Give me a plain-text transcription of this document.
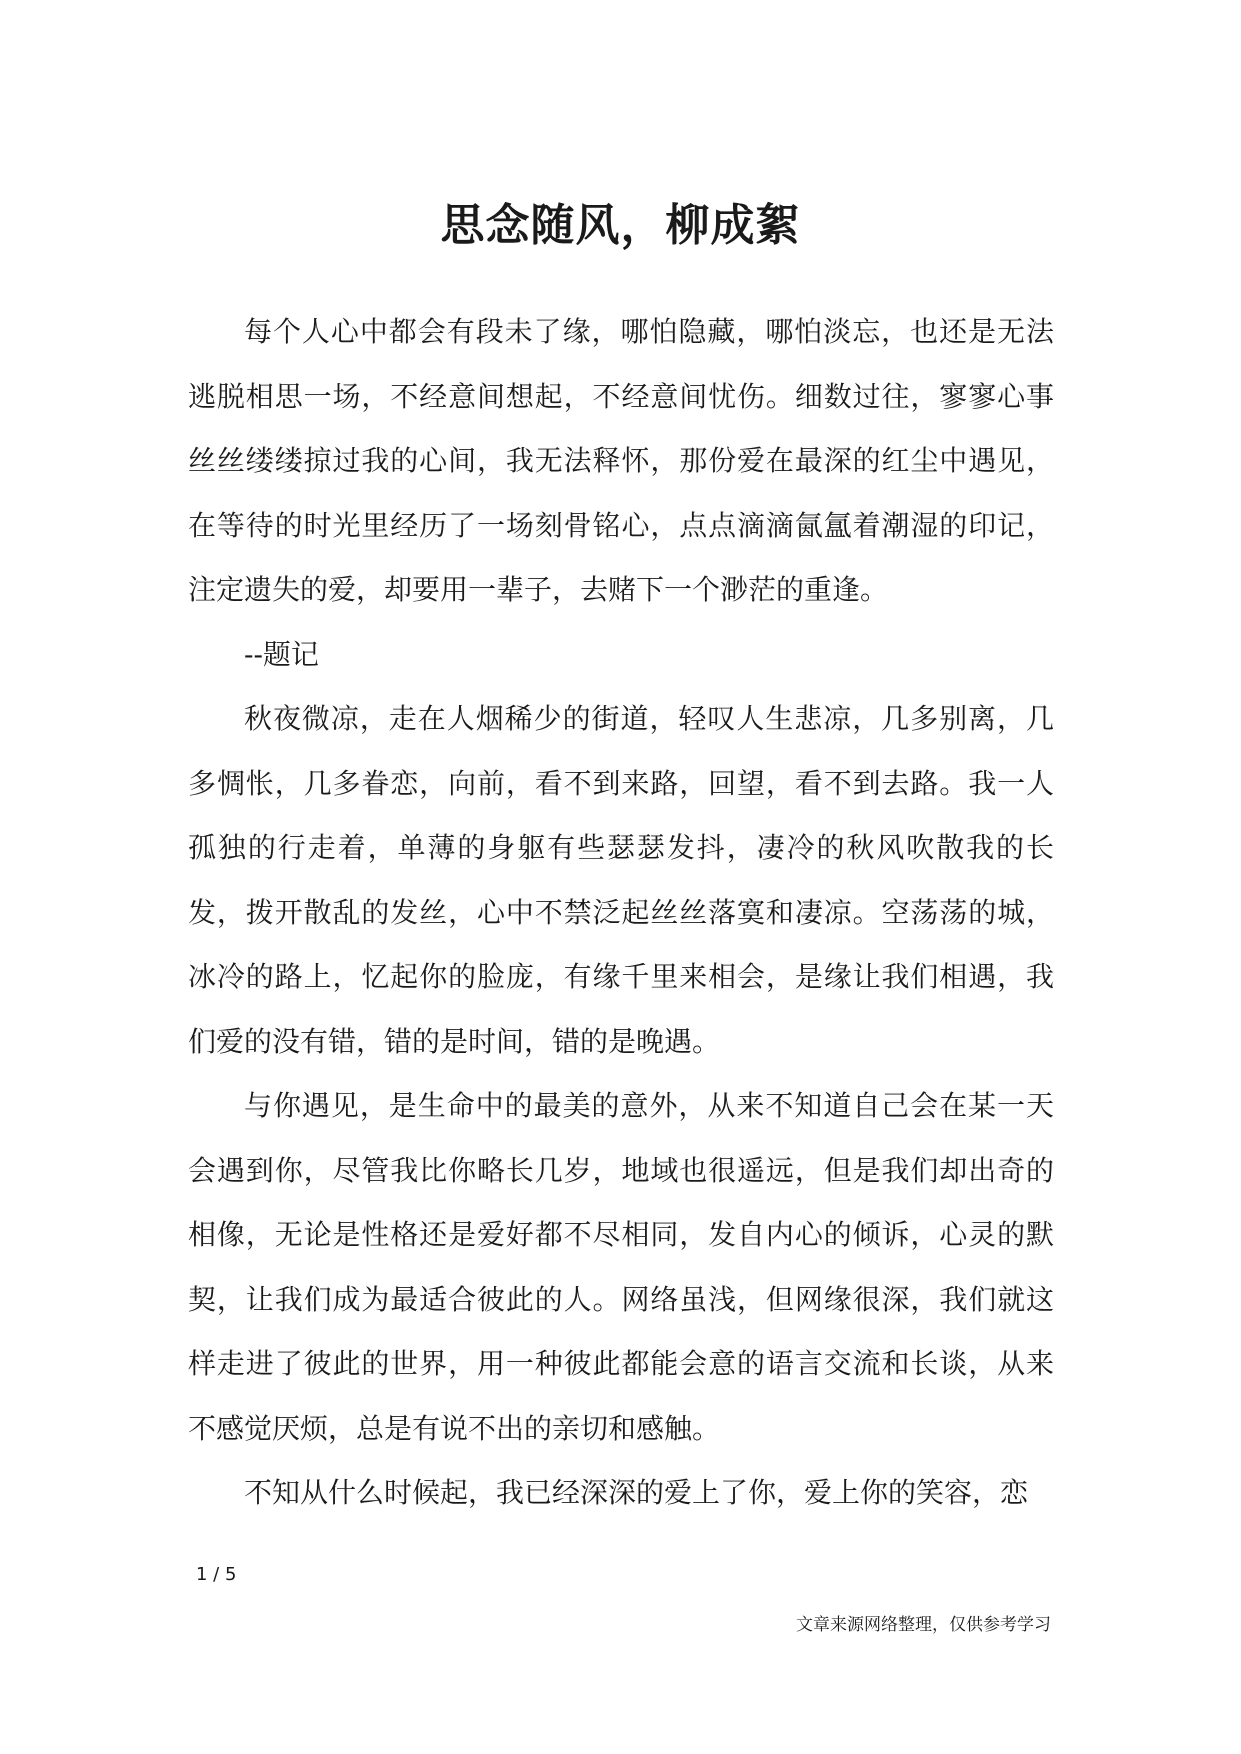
思念随风，柳成絮

每个人心中都会有段未了缘，哪怕隐藏，哪怕淡忘，也还是无法逃脱相思一场，不经意间想起，不经意间忧伤。细数过往，寥寥心事丝丝缕缕掠过我的心间，我无法释怀，那份爱在最深的红尘中遇见，在等待的时光里经历了一场刻骨铭心，点点滴滴氤氲着潮湿的印记，注定遗失的爱，却要用一辈子，去赌下一个渺茫的重逢。

--题记

秋夜微凉，走在人烟稀少的街道，轻叹人生悲凉，几多别离，几多惆怅，几多眷恋，向前，看不到来路，回望，看不到去路。我一人孤独的行走着，单薄的身躯有些瑟瑟发抖，凄冷的秋风吹散我的长发，拨开散乱的发丝，心中不禁泛起丝丝落寞和凄凉。空荡荡的城，冰冷的路上，忆起你的脸庞，有缘千里来相会，是缘让我们相遇，我们爱的没有错，错的是时间，错的是晚遇。

与你遇见，是生命中的最美的意外，从来不知道自己会在某一天会遇到你，尽管我比你略长几岁，地域也很遥远，但是我们却出奇的相像，无论是性格还是爱好都不尽相同，发自内心的倾诉，心灵的默契，让我们成为最适合彼此的人。网络虽浅，但网缘很深，我们就这样走进了彼此的世界，用一种彼此都能会意的语言交流和长谈，从来不感觉厌烦，总是有说不出的亲切和感触。

不知从什么时候起，我已经深深的爱上了你，爱上你的笑容，恋

1 / 5
文章来源网络整理，仅供参考学习
